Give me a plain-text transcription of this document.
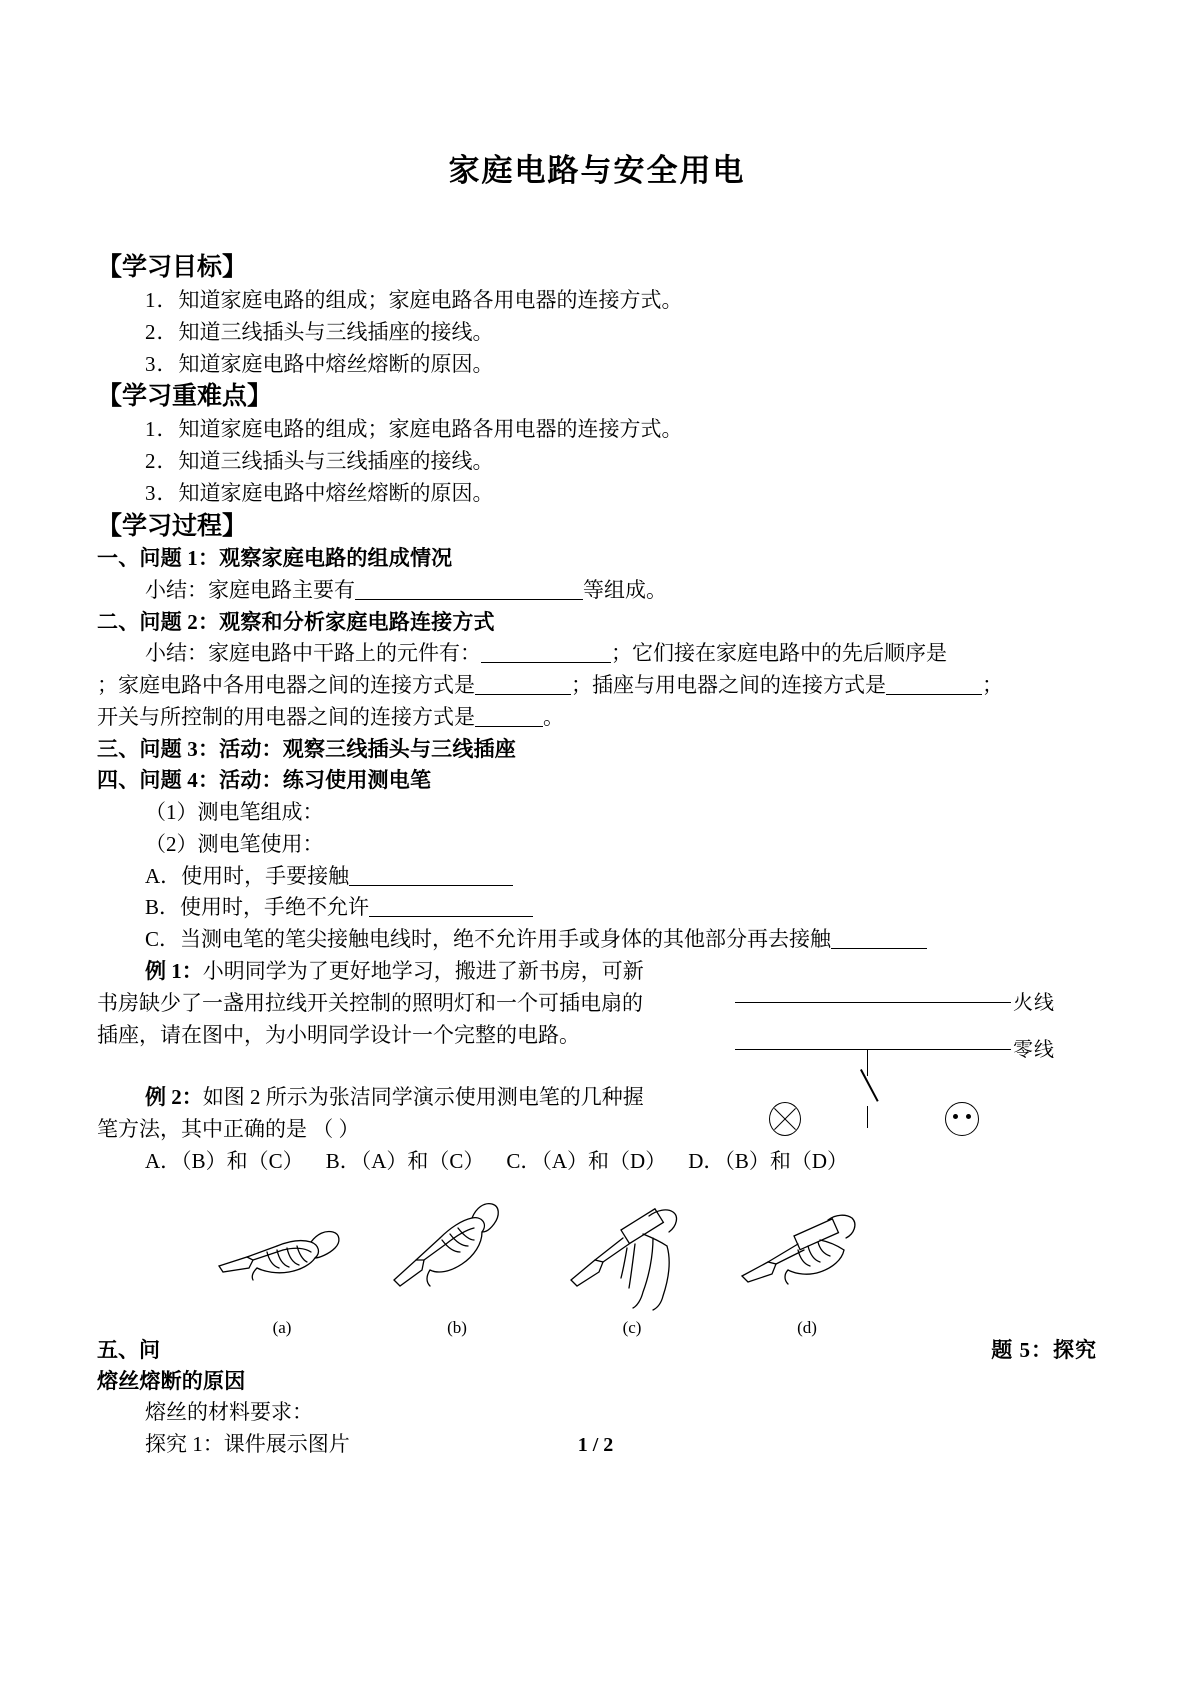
家庭电路与安全用电
【学习目标】
1．知道家庭电路的组成；家庭电路各用电器的连接方式。
2．知道三线插头与三线插座的接线。
3．知道家庭电路中熔丝熔断的原因。
【学习重难点】
1．知道家庭电路的组成；家庭电路各用电器的连接方式。
2．知道三线插头与三线插座的接线。
3．知道家庭电路中熔丝熔断的原因。
【学习过程】
一、问题 1：观察家庭电路的组成情况
小结：家庭电路主要有	等组成。
二、问题 2：观察和分析家庭电路连接方式
小结：家庭电路中干路上的元件有：	；它们接在家庭电路中的先后顺序是
；家庭电路中各用电器之间的连接方式是	；插座与用电器之间的连接方式是	；
开关与所控制的用电器之间的连接方式是	。
三、问题 3：活动：观察三线插头与三线插座
四、问题 4：活动：练习使用测电笔
（1）测电笔组成：
（2）测电笔使用：
A．使用时，手要接触
B．使用时，手绝不允许
C．当测电笔的笔尖接触电线时，绝不允许用手或身体的其他部分再去接触
例 1：小明同学为了更好地学习，搬进了新书房，可新
书房缺少了一盏用拉线开关控制的照明灯和一个可插电扇的
插座，请在图中，为小明同学设计一个完整的电路。
火线
零线
例 2：如图 2 所示为张洁同学演示使用测电笔的几种握
笔方法，其中正确的是 （ ）
A．（B）和（C） B．（A）和（C） C．（A）和（D） D．（B）和（D）
(a)	(b)	(c)	(d)
五、问	题 5：探究
熔丝熔断的原因
熔丝的材料要求：
探究 1：课件展示图片	1 / 2
